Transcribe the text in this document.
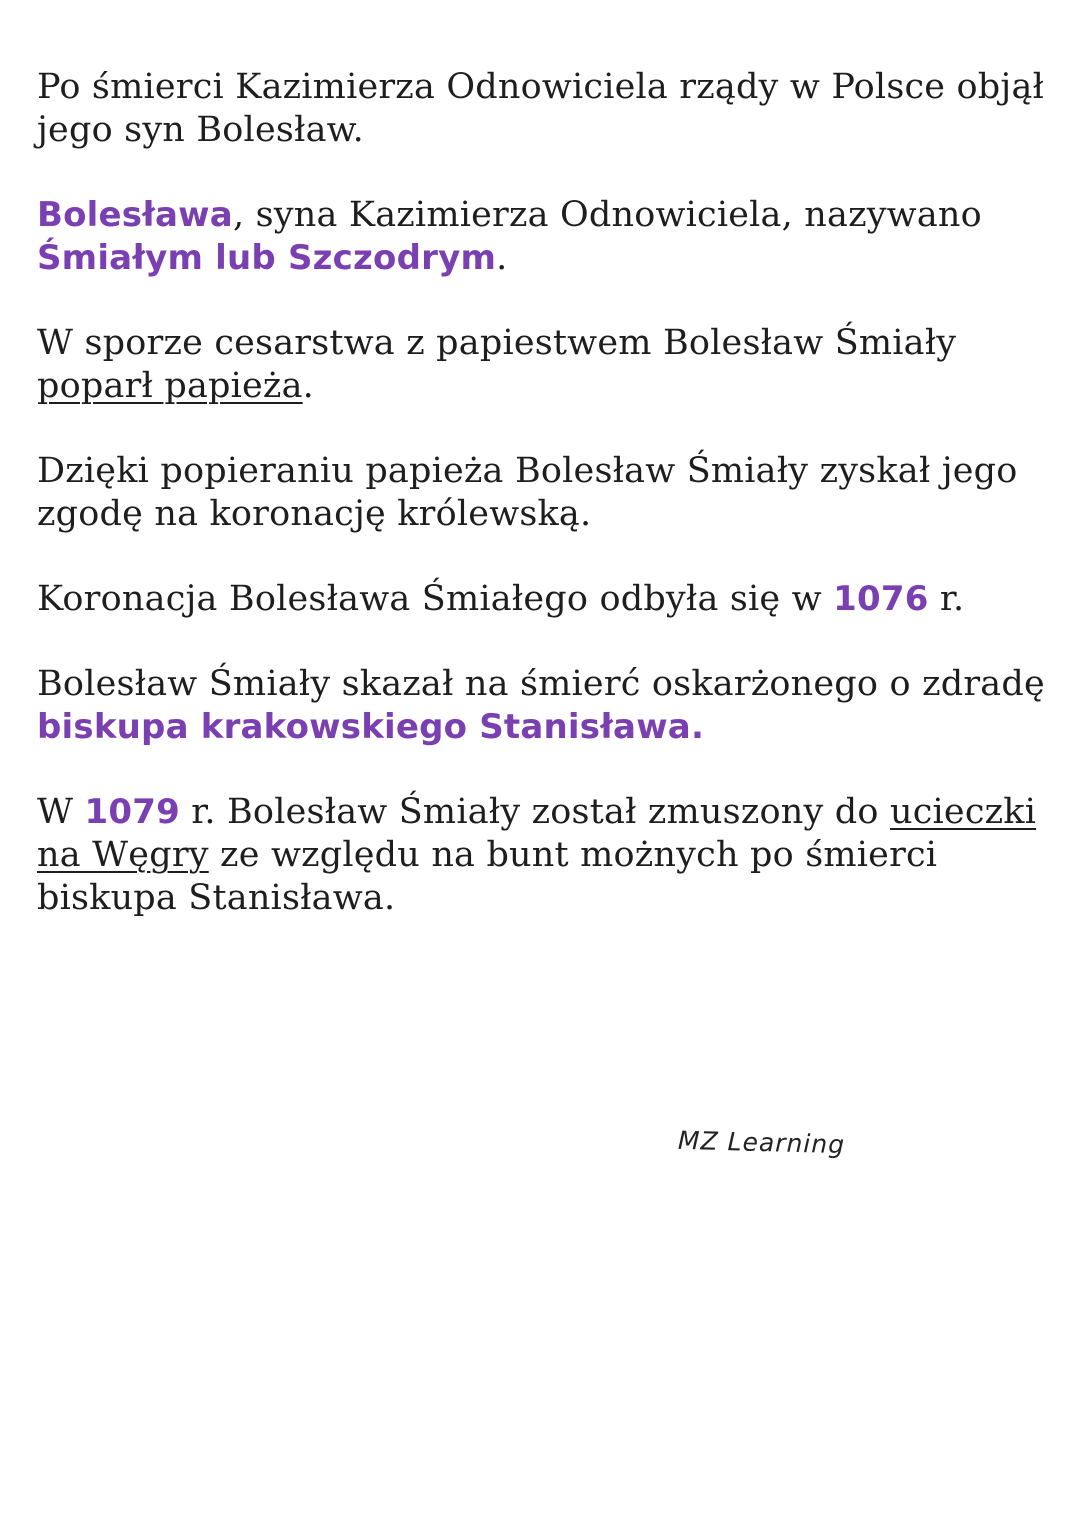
Po śmierci Kazimierza Odnowiciela rządy w Polsce objął jego syn Bolesław.

Bolesława, syna Kazimierza Odnowiciela, nazywano
Śmiałym lub Szczodrym.

W sporze cesarstwa z papiestwem Bolesław Śmiały
poparł papieża.

Dzięki popieraniu papieża Bolesław Śmiały zyskał jego zgodę na koronację królewską.

Koronacja Bolesława Śmiałego odbyła się w 1076 r.

Bolesław Śmiały skazał na śmierć oskarżonego o zdradę
biskupa krakowskiego Stanisława.

W 1079 r. Bolesław Śmiały został zmuszony do ucieczki na Węgry ze względu na bunt możnych po śmierci biskupa Stanisława.

MZ Learning
